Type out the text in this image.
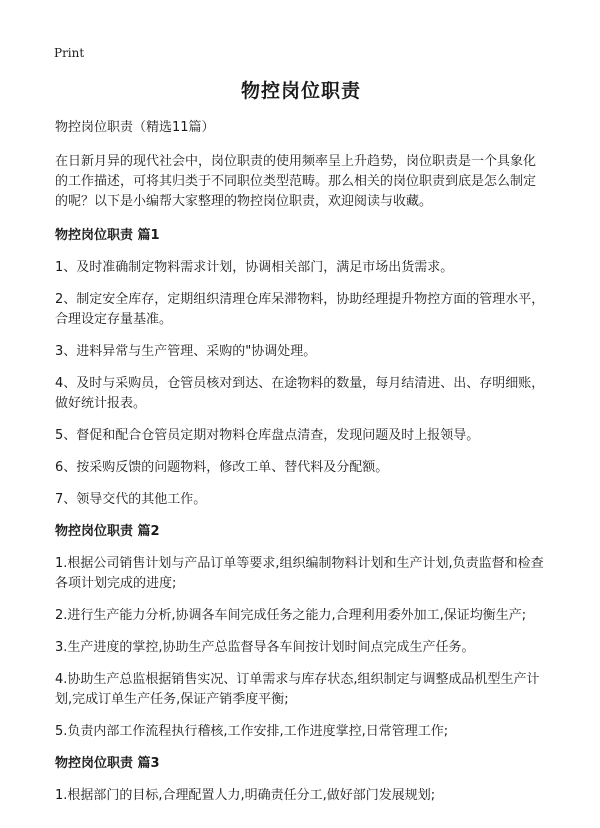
Print
物控岗位职责

物控岗位职责（精选11篇）

在日新月异的现代社会中，岗位职责的使用频率呈上升趋势，岗位职责是一个具象化的工作描述，可将其归类于不同职位类型范畴。那么相关的岗位职责到底是怎么制定的呢？以下是小编帮大家整理的物控岗位职责，欢迎阅读与收藏。

物控岗位职责 篇1

1、及时准确制定物料需求计划，协调相关部门，满足市场出货需求。

2、制定安全库存，定期组织清理仓库呆滞物料，协助经理提升物控方面的管理水平，合理设定存量基准。

3、进料异常与生产管理、采购的"协调处理。

4、及时与采购员，仓管员核对到达、在途物料的数量，每月结清进、出、存明细账，做好统计报表。

5、督促和配合仓管员定期对物料仓库盘点清查，发现问题及时上报领导。

6、按采购反馈的问题物料，修改工单、替代料及分配额。

7、领导交代的其他工作。

物控岗位职责 篇2

1.根据公司销售计划与产品订单等要求,组织编制物料计划和生产计划,负责监督和检查各项计划完成的进度;

2.进行生产能力分析,协调各车间完成任务之能力,合理利用委外加工,保证均衡生产;

3.生产进度的掌控,协助生产总监督导各车间按计划时间点完成生产任务。

4.协助生产总监根据销售实况、订单需求与库存状态,组织制定与调整成品机型生产计划,完成订单生产任务,保证产销季度平衡;

5.负责内部工作流程执行稽核,工作安排,工作进度掌控,日常管理工作;

物控岗位职责 篇3

1.根据部门的目标,合理配置人力,明确责任分工,做好部门发展规划;
